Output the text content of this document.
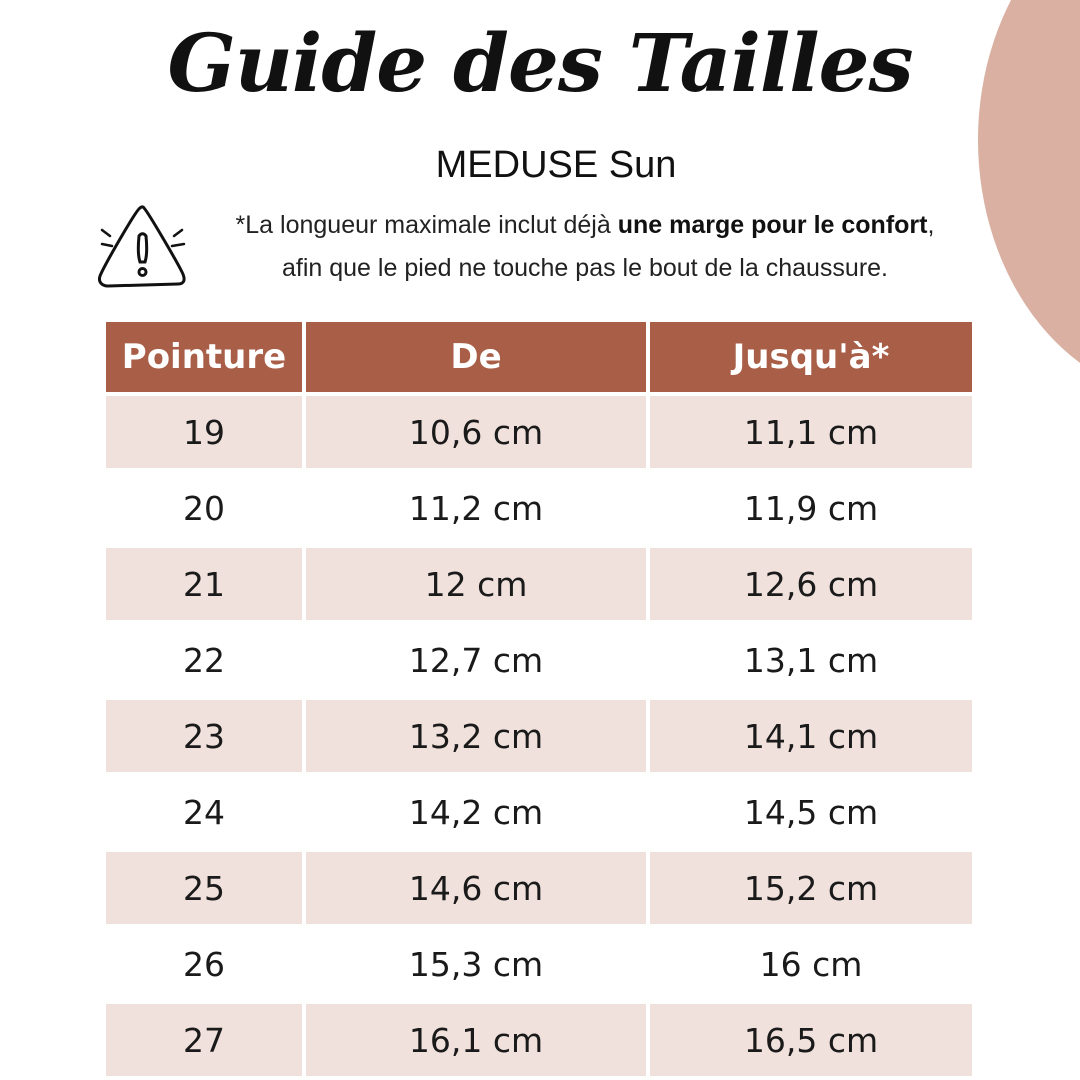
Guide des Tailles
MEDUSE Sun
*La longueur maximale inclut déjà une marge pour le confort,
afin que le pied ne touche pas le bout de la chaussure.
Pointure	De	Jusqu'à*
19	10,6 cm	11,1 cm
20	11,2 cm	11,9 cm
21	12 cm	12,6 cm
22	12,7 cm	13,1 cm
23	13,2 cm	14,1 cm
24	14,2 cm	14,5 cm
25	14,6 cm	15,2 cm
26	15,3 cm	16 cm
27	16,1 cm	16,5 cm
